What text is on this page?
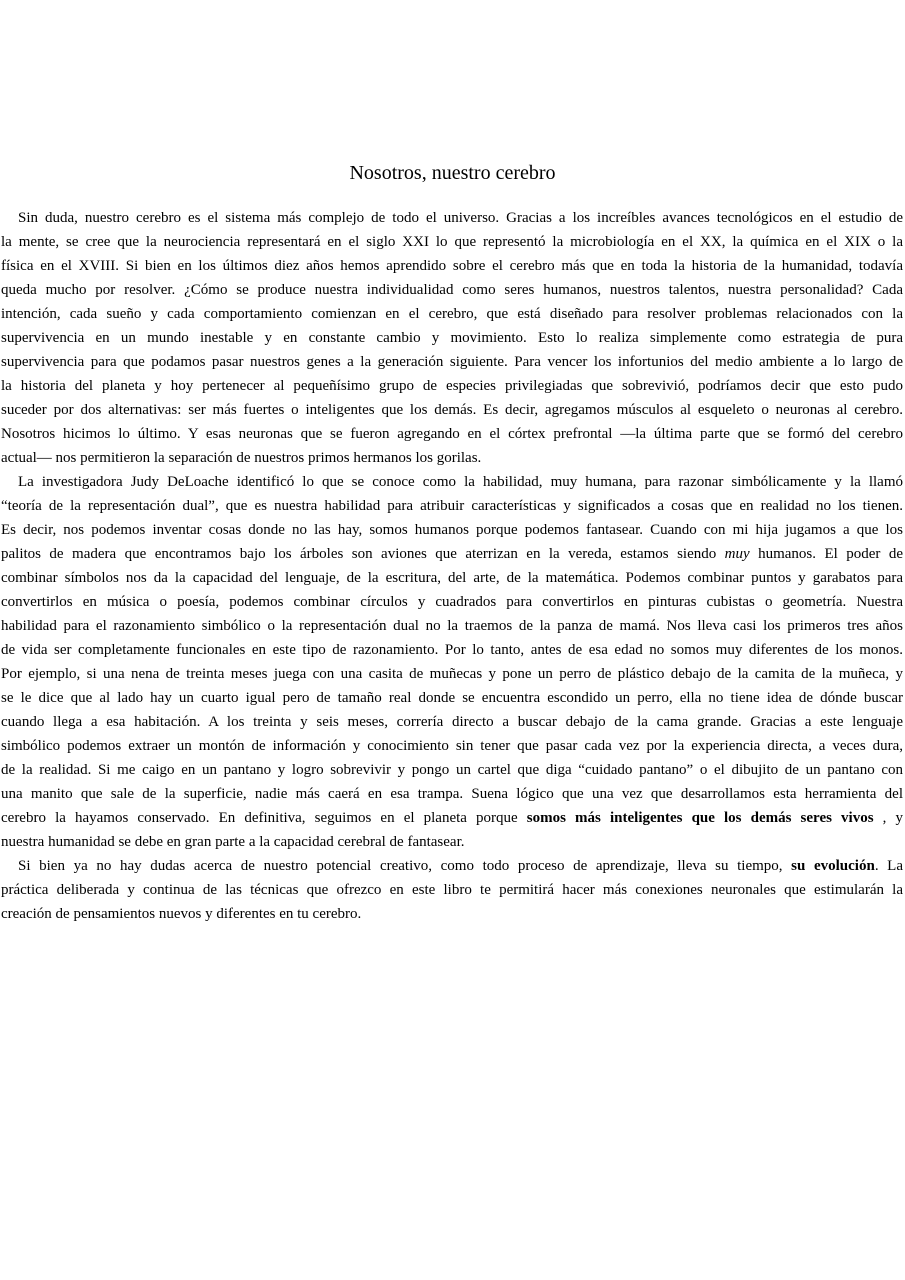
Nosotros, nuestro cerebro
Sin duda, nuestro cerebro es el sistema más complejo de todo el universo. Gracias a los increíbles avances tecnológicos en el estudio de
la mente, se cree que la neurociencia representará en el siglo XXI lo que representó la microbiología en el XX, la química en el XIX o la
física en el XVIII. Si bien en los últimos diez años hemos aprendido sobre el cerebro más que en toda la historia de la humanidad, todavía
queda mucho por resolver. ¿Cómo se produce nuestra individualidad como seres humanos, nuestros talentos, nuestra personalidad? Cada
intención, cada sueño y cada comportamiento comienzan en el cerebro, que está diseñado para resolver problemas relacionados con la
supervivencia en un mundo inestable y en constante cambio y movimiento. Esto lo realiza simplemente como estrategia de pura
supervivencia para que podamos pasar nuestros genes a la generación siguiente. Para vencer los infortunios del medio ambiente a lo largo de
la historia del planeta y hoy pertenecer al pequeñísimo grupo de especies privilegiadas que sobrevivió, podríamos decir que esto pudo
suceder por dos alternativas: ser más fuertes o inteligentes que los demás. Es decir, agregamos músculos al esqueleto o neuronas al cerebro.
Nosotros hicimos lo último. Y esas neuronas que se fueron agregando en el córtex prefrontal —la última parte que se formó del cerebro
actual— nos permitieron la separación de nuestros primos hermanos los gorilas.
La investigadora Judy DeLoache identificó lo que se conoce como la habilidad, muy humana, para razonar simbólicamente y la llamó
“teoría de la representación dual”, que es nuestra habilidad para atribuir características y significados a cosas que en realidad no los tienen.
Es decir, nos podemos inventar cosas donde no las hay, somos humanos porque podemos fantasear. Cuando con mi hija jugamos a que los
palitos de madera que encontramos bajo los árboles son aviones que aterrizan en la vereda, estamos siendo muy humanos. El poder de
combinar símbolos nos da la capacidad del lenguaje, de la escritura, del arte, de la matemática. Podemos combinar puntos y garabatos para
convertirlos en música o poesía, podemos combinar círculos y cuadrados para convertirlos en pinturas cubistas o geometría. Nuestra
habilidad para el razonamiento simbólico o la representación dual no la traemos de la panza de mamá. Nos lleva casi los primeros tres años
de vida ser completamente funcionales en este tipo de razonamiento. Por lo tanto, antes de esa edad no somos muy diferentes de los monos.
Por ejemplo, si una nena de treinta meses juega con una casita de muñecas y pone un perro de plástico debajo de la camita de la muñeca, y
se le dice que al lado hay un cuarto igual pero de tamaño real donde se encuentra escondido un perro, ella no tiene idea de dónde buscar
cuando llega a esa habitación. A los treinta y seis meses, correría directo a buscar debajo de la cama grande. Gracias a este lenguaje
simbólico podemos extraer un montón de información y conocimiento sin tener que pasar cada vez por la experiencia directa, a veces dura,
de la realidad. Si me caigo en un pantano y logro sobrevivir y pongo un cartel que diga “cuidado pantano” o el dibujito de un pantano con
una manito que sale de la superficie, nadie más caerá en esa trampa. Suena lógico que una vez que desarrollamos esta herramienta del
cerebro la hayamos conservado. En definitiva, seguimos en el planeta porque somos más inteligentes que los demás seres vivos , y
nuestra humanidad se debe en gran parte a la capacidad cerebral de fantasear.
Si bien ya no hay dudas acerca de nuestro potencial creativo, como todo proceso de aprendizaje, lleva su tiempo, su evolución. La
práctica deliberada y continua de las técnicas que ofrezco en este libro te permitirá hacer más conexiones neuronales que estimularán la
creación de pensamientos nuevos y diferentes en tu cerebro.
